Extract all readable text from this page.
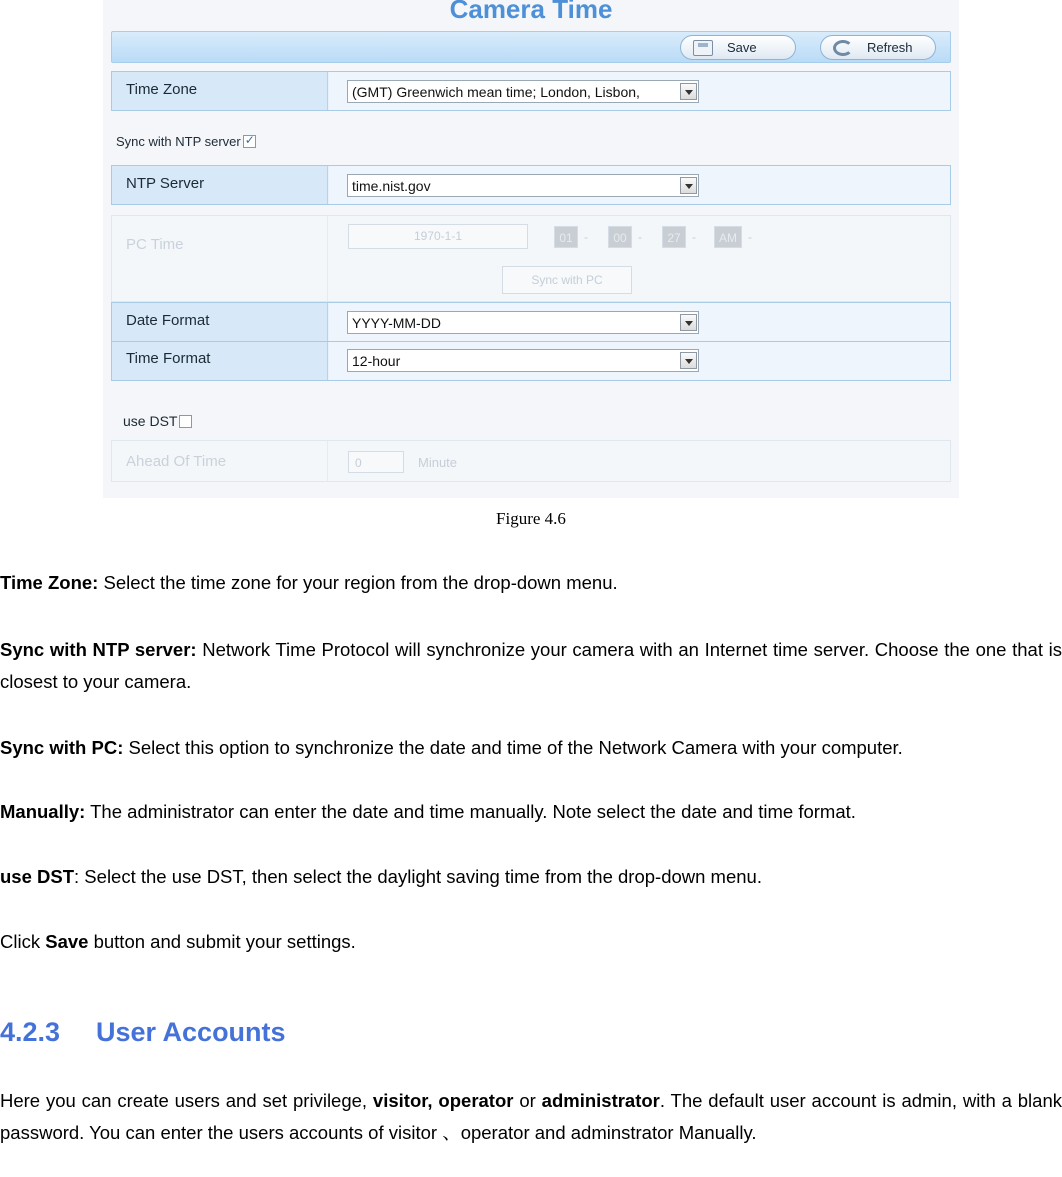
Camera Time
Save	Refresh
Time Zone	(GMT) Greenwich mean time; London, Lisbon,
Sync with NTP server
✓
NTP Server	time.nist.gov
PC Time	1970-1-1	01 -	00 -	27 -	AM -
Sync with PC
Date Format	YYYY-MM-DD
Time Format	12-hour
use DST
Ahead Of Time	0	Minute
Figure 4.6
Time Zone: Select the time zone for your region from the drop-down menu.
Sync with NTP server: Network Time Protocol will synchronize your camera with an Internet time server. Choose the one that is closest to your camera.
Sync with PC: Select this option to synchronize the date and time of the Network Camera with your computer.
Manually: The administrator can enter the date and time manually. Note select the date and time format.
use DST: Select the use DST, then select the daylight saving time from the drop-down menu.
Click Save button and submit your settings.
4.2.3 User Accounts
Here you can create users and set privilege, visitor, operator or administrator. The default user account is admin, with a blank password. You can enter the users accounts of visitor 、operator and adminstrator Manually.
